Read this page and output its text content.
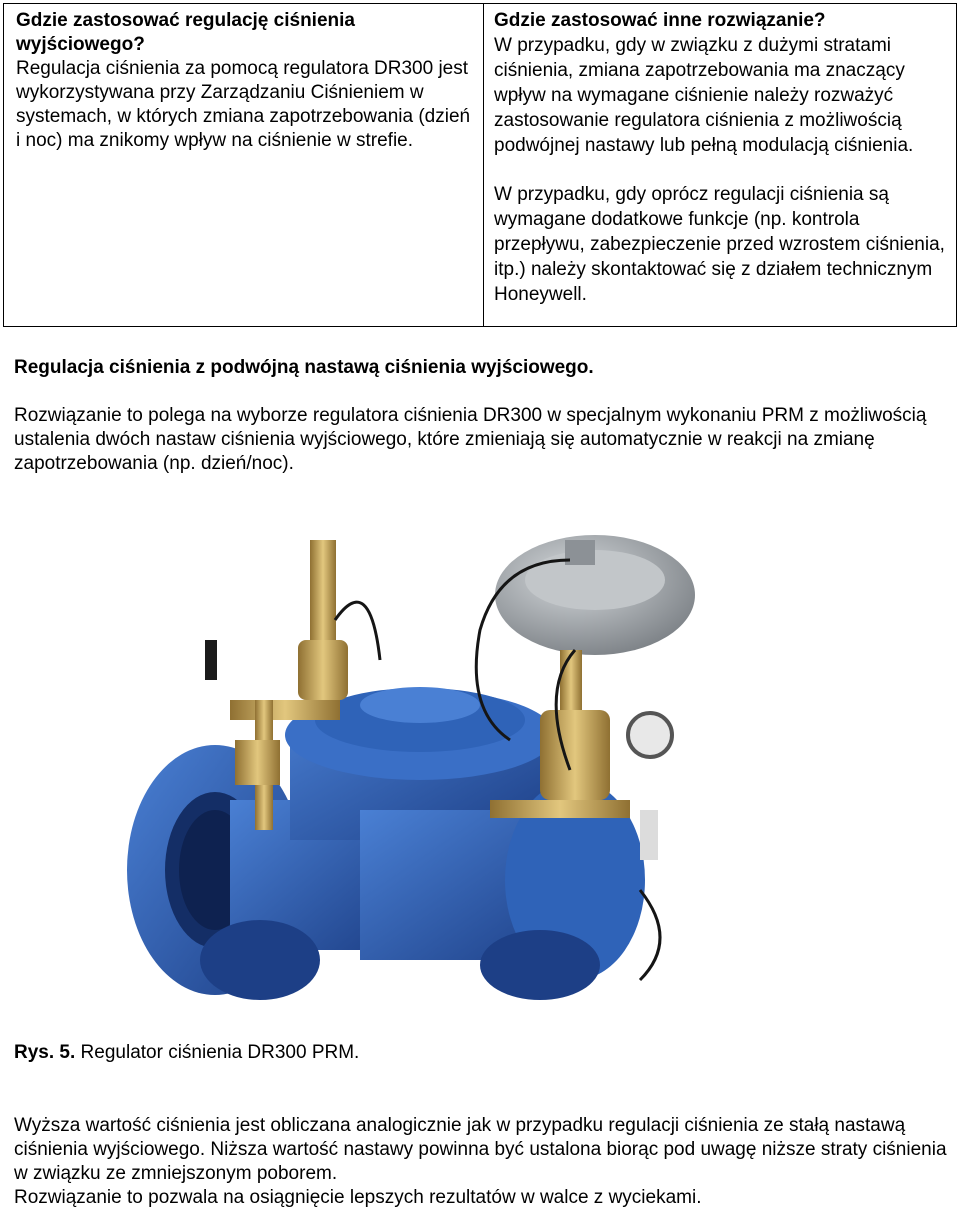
Gdzie zastosować regulację ciśnienia wyjściowego?

Regulacja ciśnienia za pomocą regulatora DR300 jest wykorzystywana przy Zarządzaniu Ciśnieniem w systemach, w których zmiana zapotrzebowania (dzień i noc) ma znikomy wpływ na ciśnienie w strefie.

Gdzie zastosować inne rozwiązanie?

W przypadku, gdy w związku z dużymi stratami ciśnienia, zmiana zapotrzebowania ma znaczący wpływ na wymagane ciśnienie należy rozważyć zastosowanie regulatora ciśnienia z możliwością podwójnej nastawy lub pełną modulacją ciśnienia.

W przypadku, gdy oprócz regulacji ciśnienia są wymagane dodatkowe funkcje (np. kontrola przepływu, zabezpieczenie przed wzrostem ciśnienia, itp.) należy skontaktować się z działem technicznym Honeywell.

Regulacja ciśnienia z podwójną nastawą ciśnienia wyjściowego.

Rozwiązanie to polega na wyborze regulatora ciśnienia DR300 w specjalnym wykonaniu PRM z możliwością ustalenia dwóch nastaw ciśnienia wyjściowego, które zmieniają się automatycznie w reakcji na zmianę zapotrzebowania (np. dzień/noc).

Rys. 5. Regulator ciśnienia DR300 PRM.

Wyższa wartość ciśnienia jest obliczana analogicznie jak w przypadku regulacji ciśnienia ze stałą nastawą ciśnienia wyjściowego. Niższa wartość nastawy powinna być ustalona biorąc pod uwagę niższe straty ciśnienia w związku ze zmniejszonym poborem.
Rozwiązanie to pozwala na osiągnięcie lepszych rezultatów w walce z wyciekami.
